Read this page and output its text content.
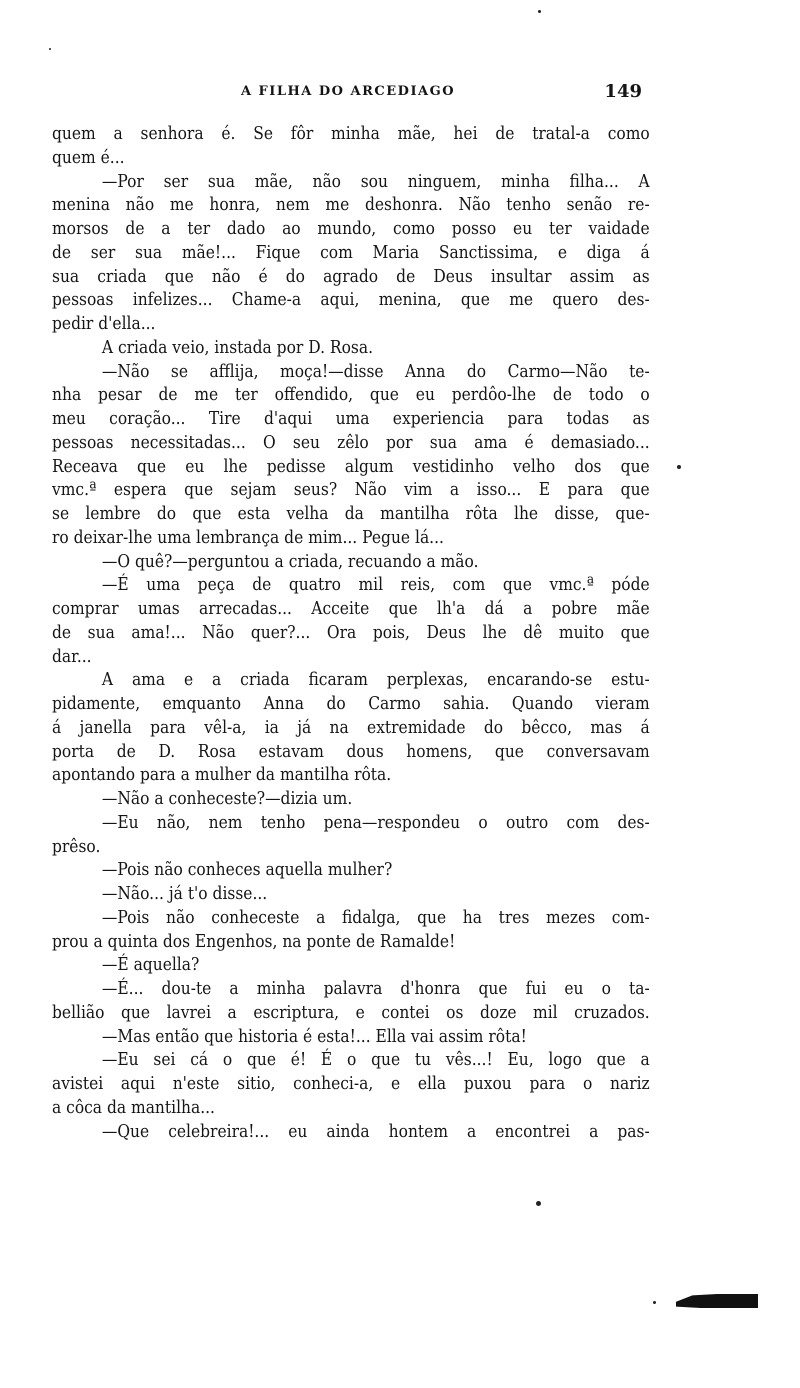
A FILHA DO ARCEDIAGO	149
quem a senhora é. Se fôr minha mãe, hei de tratal-a como
quem é...
—Por ser sua mãe, não sou ninguem, minha filha... A
menina não me honra, nem me deshonra. Não tenho senão re-
morsos de a ter dado ao mundo, como posso eu ter vaidade
de ser sua mãe!... Fique com Maria Sanctissima, e diga á
sua criada que não é do agrado de Deus insultar assim as
pessoas infelizes... Chame-a aqui, menina, que me quero des-
pedir d'ella...
A criada veio, instada por D. Rosa.
—Não se afflija, moça!—disse Anna do Carmo—Não te-
nha pesar de me ter offendido, que eu perdôo-lhe de todo o
meu coração... Tire d'aqui uma experiencia para todas as
pessoas necessitadas... O seu zêlo por sua ama é demasiado...
Receava que eu lhe pedisse algum vestidinho velho dos que
vmc.ª espera que sejam seus? Não vim a isso... E para que
se lembre do que esta velha da mantilha rôta lhe disse, que-
ro deixar-lhe uma lembrança de mim... Pegue lá...
—O quê?—perguntou a criada, recuando a mão.
—É uma peça de quatro mil reis, com que vmc.ª póde
comprar umas arrecadas... Acceite que lh'a dá a pobre mãe
de sua ama!... Não quer?... Ora pois, Deus lhe dê muito que
dar...
A ama e a criada ficaram perplexas, encarando-se estu-
pidamente, emquanto Anna do Carmo sahia. Quando vieram
á janella para vêl-a, ia já na extremidade do bêcco, mas á
porta de D. Rosa estavam dous homens, que conversavam
apontando para a mulher da mantilha rôta.
—Não a conheceste?—dizia um.
—Eu não, nem tenho pena—respondeu o outro com des-
prêso.
—Pois não conheces aquella mulher?
—Não... já t'o disse...
—Pois não conheceste a fidalga, que ha tres mezes com-
prou a quinta dos Engenhos, na ponte de Ramalde!
—É aquella?
—É... dou-te a minha palavra d'honra que fui eu o ta-
bellião que lavrei a escriptura, e contei os doze mil cruzados.
—Mas então que historia é esta!... Ella vai assim rôta!
—Eu sei cá o que é! É o que tu vês...! Eu, logo que a
avistei aqui n'este sitio, conheci-a, e ella puxou para o nariz
a côca da mantilha...
—Que celebreira!... eu ainda hontem a encontrei a pas-
